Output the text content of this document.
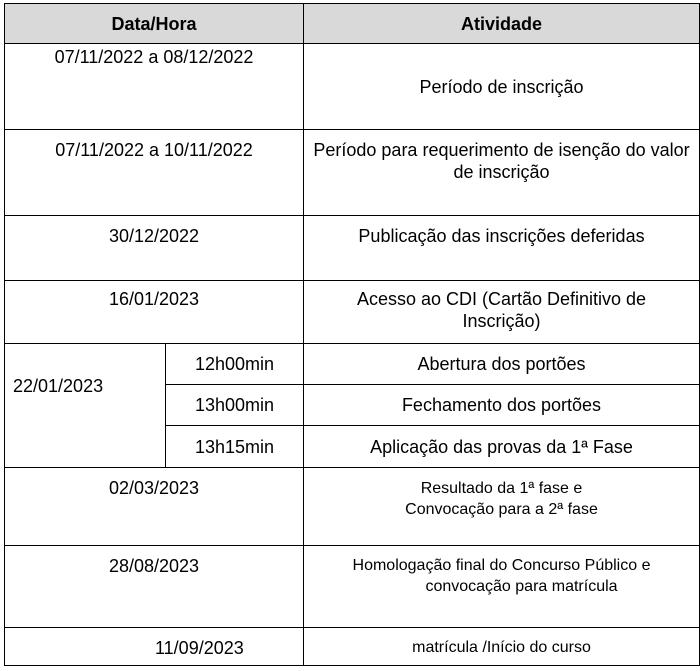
Data/Hora		Atividade
07/11/2022 a 08/12/2022		Período de inscrição
07/11/2022 a 10/11/2022		Período para requerimento de isenção do valor de inscrição
30/12/2022		Publicação das inscrições deferidas
16/01/2023		Acesso ao CDI (Cartão Definitivo de Inscrição)
22/01/2023	12h00min	Abertura dos portões
	13h00min	Fechamento dos portões
	13h15min	Aplicação das provas da 1ª Fase
02/03/2023		Resultado da 1ª fase e
Convocação para a 2ª fase

28/08/2023		Homologação final do Concurso Público e
convocação para matrícula

11/09/2023		matrícula /Início do curso
